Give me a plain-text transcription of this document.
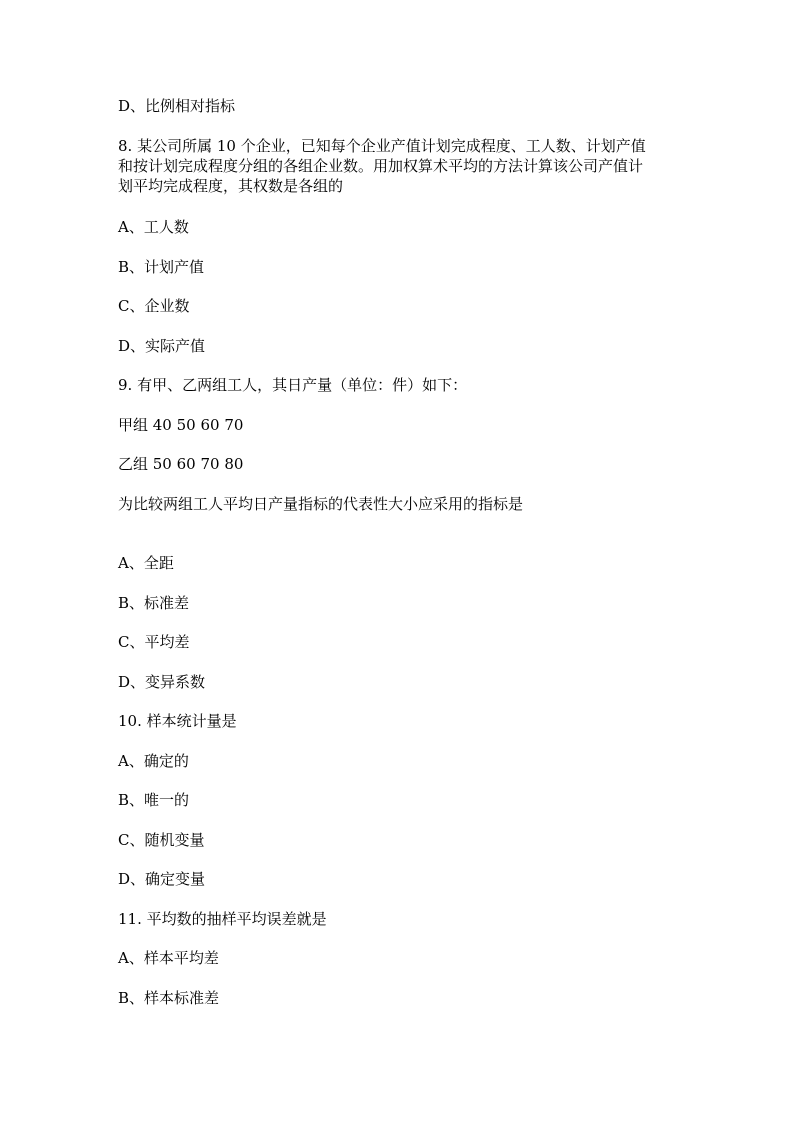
D、比例相对指标
8. 某公司所属 10 个企业，已知每个企业产值计划完成程度、工人数、计划产值
和按计划完成程度分组的各组企业数。用加权算术平均的方法计算该公司产值计
划平均完成程度，其权数是各组的
A、工人数
B、计划产值
C、企业数
D、实际产值
9. 有甲、乙两组工人，其日产量（单位：件）如下：
甲组 40 50 60 70
乙组 50 60 70 80
为比较两组工人平均日产量指标的代表性大小应采用的指标是
A、全距
B、标准差
C、平均差
D、变异系数
10. 样本统计量是
A、确定的
B、唯一的
C、随机变量
D、确定变量
11. 平均数的抽样平均误差就是
A、样本平均差
B、样本标准差
